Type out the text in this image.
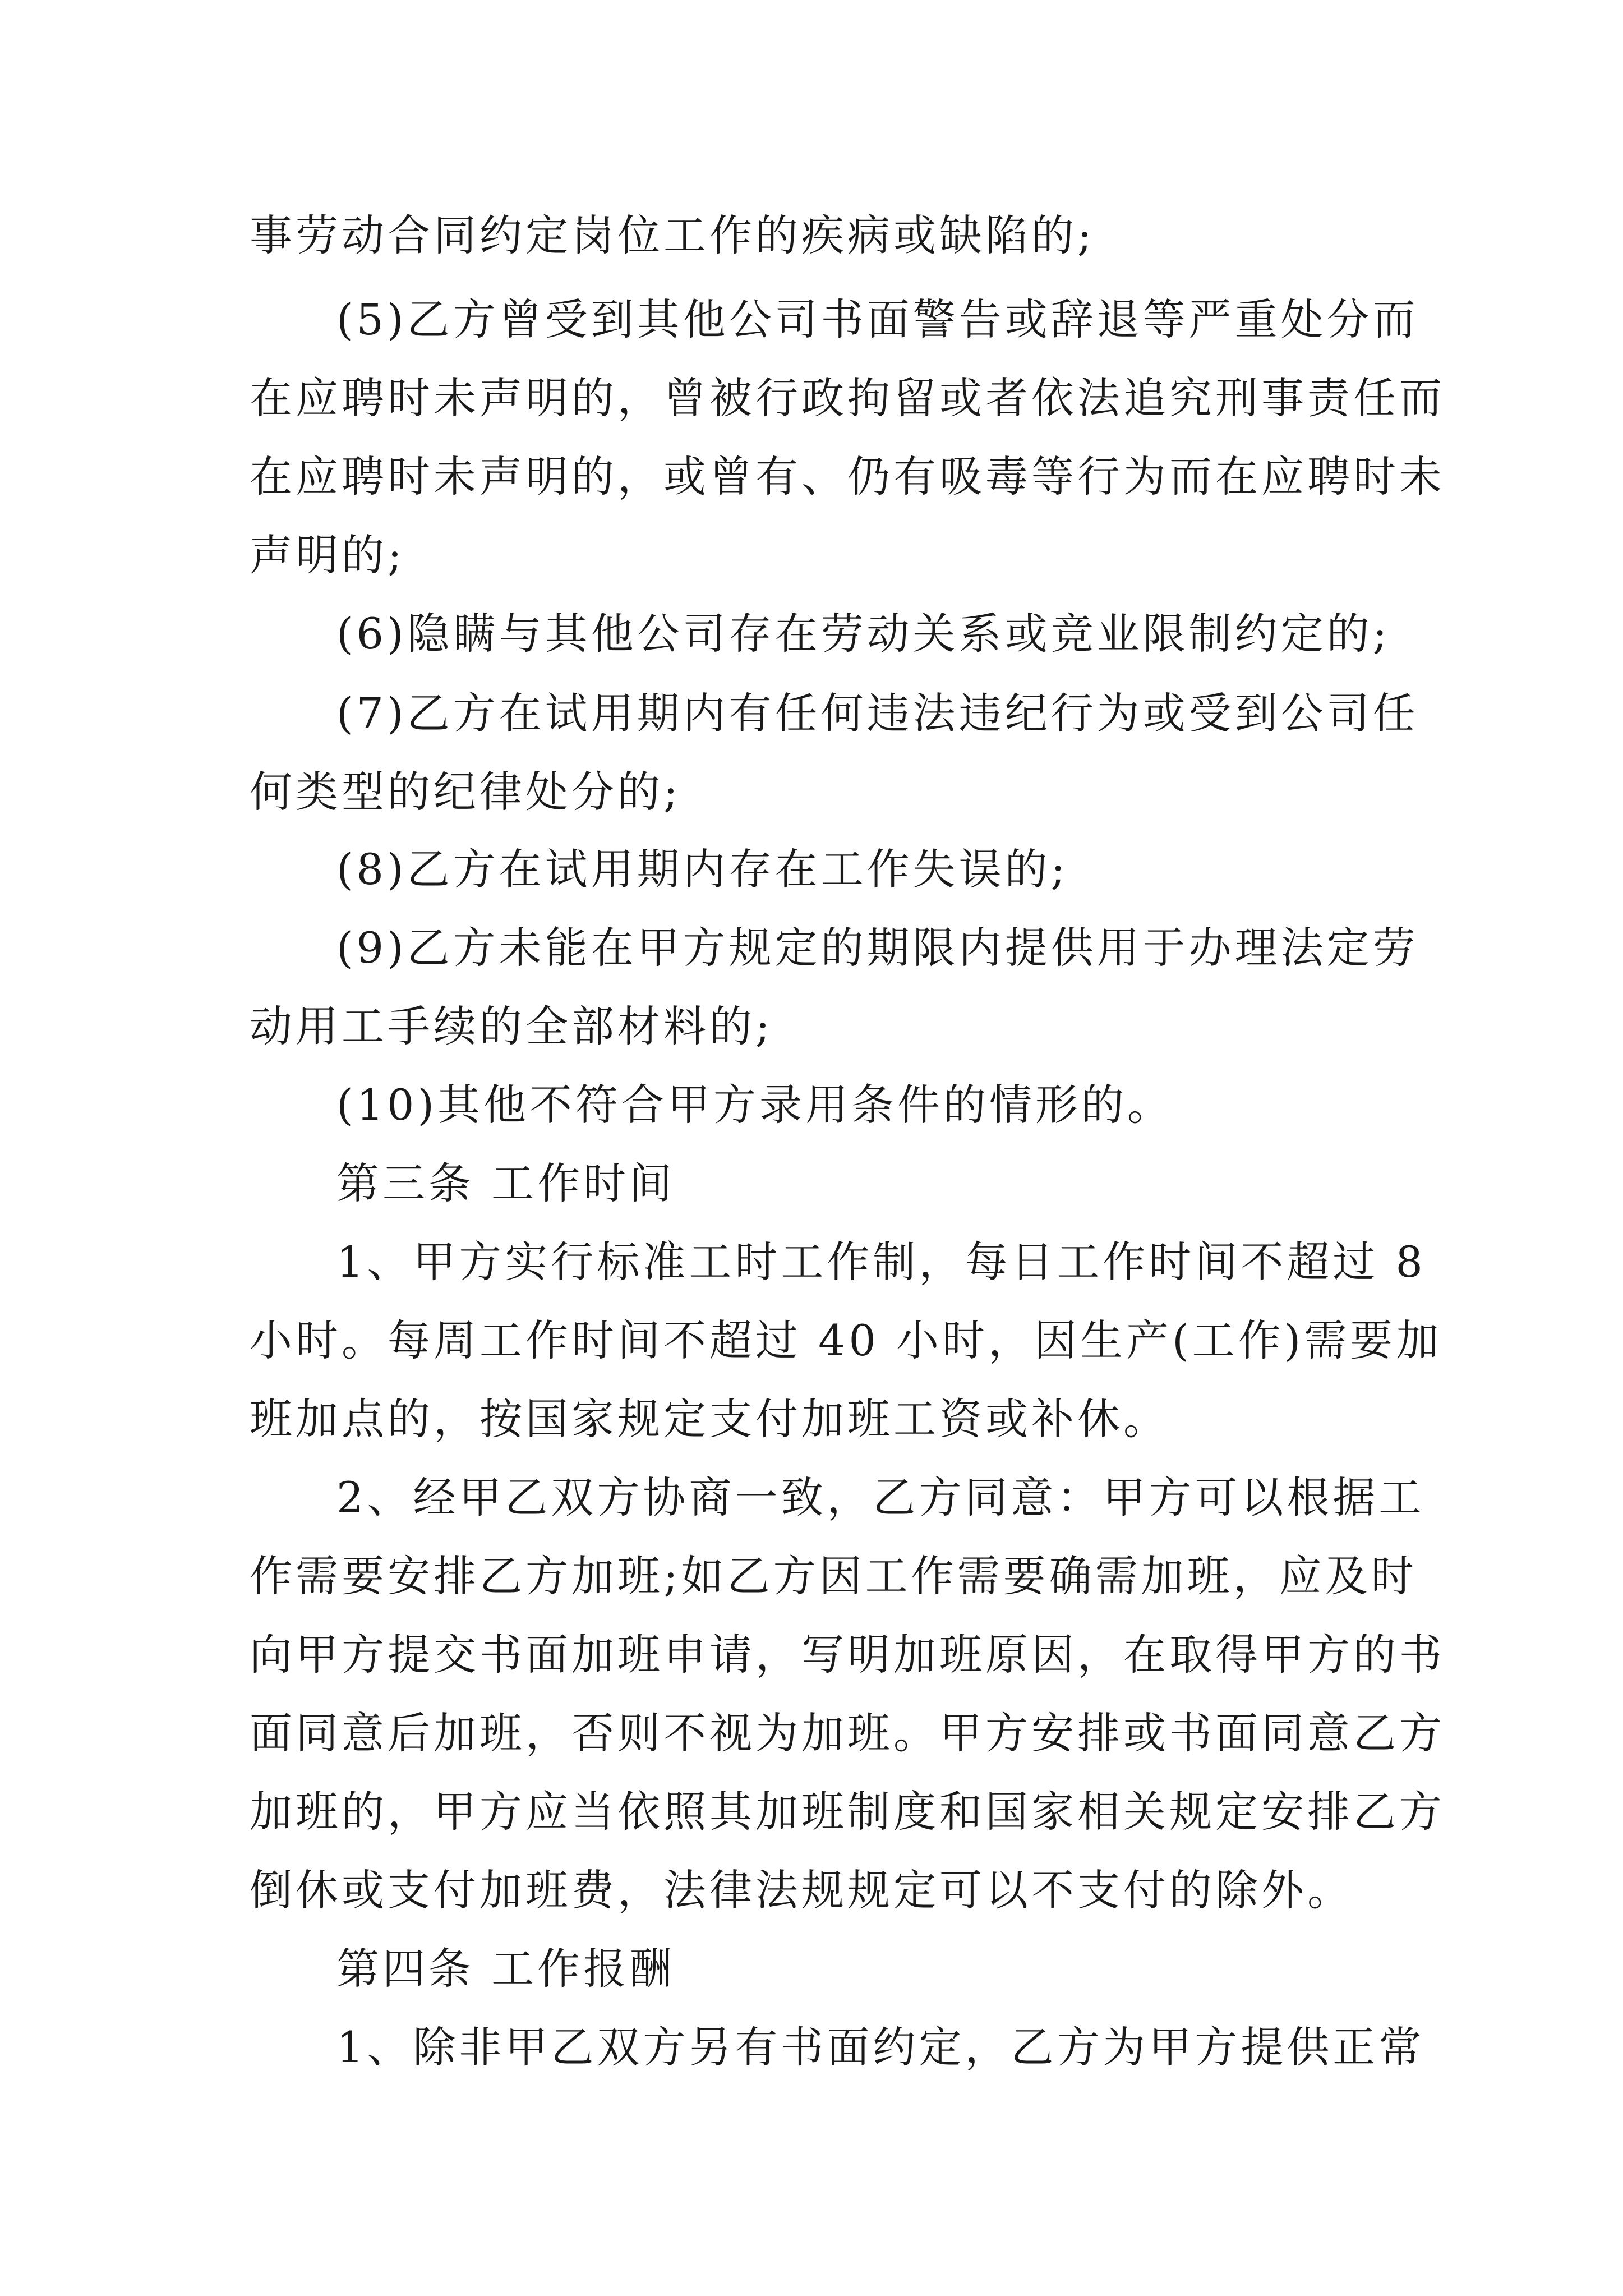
事劳动合同约定岗位工作的疾病或缺陷的;
(5)乙方曾受到其他公司书面警告或辞退等严重处分而
在应聘时未声明的，曾被行政拘留或者依法追究刑事责任而
在应聘时未声明的，或曾有、仍有吸毒等行为而在应聘时未
声明的;
(6)隐瞒与其他公司存在劳动关系或竞业限制约定的;
(7)乙方在试用期内有任何违法违纪行为或受到公司任
何类型的纪律处分的;
(8)乙方在试用期内存在工作失误的;
(9)乙方未能在甲方规定的期限内提供用于办理法定劳
动用工手续的全部材料的;
(10)其他不符合甲方录用条件的情形的。
第三条 工作时间
1、甲方实行标准工时工作制，每日工作时间不超过 8
小时。每周工作时间不超过 40 小时，因生产(工作)需要加
班加点的，按国家规定支付加班工资或补休。
2、经甲乙双方协商一致，乙方同意：甲方可以根据工
作需要安排乙方加班;如乙方因工作需要确需加班，应及时
向甲方提交书面加班申请，写明加班原因，在取得甲方的书
面同意后加班，否则不视为加班。甲方安排或书面同意乙方
加班的，甲方应当依照其加班制度和国家相关规定安排乙方
倒休或支付加班费，法律法规规定可以不支付的除外。
第四条 工作报酬
1、除非甲乙双方另有书面约定，乙方为甲方提供正常
